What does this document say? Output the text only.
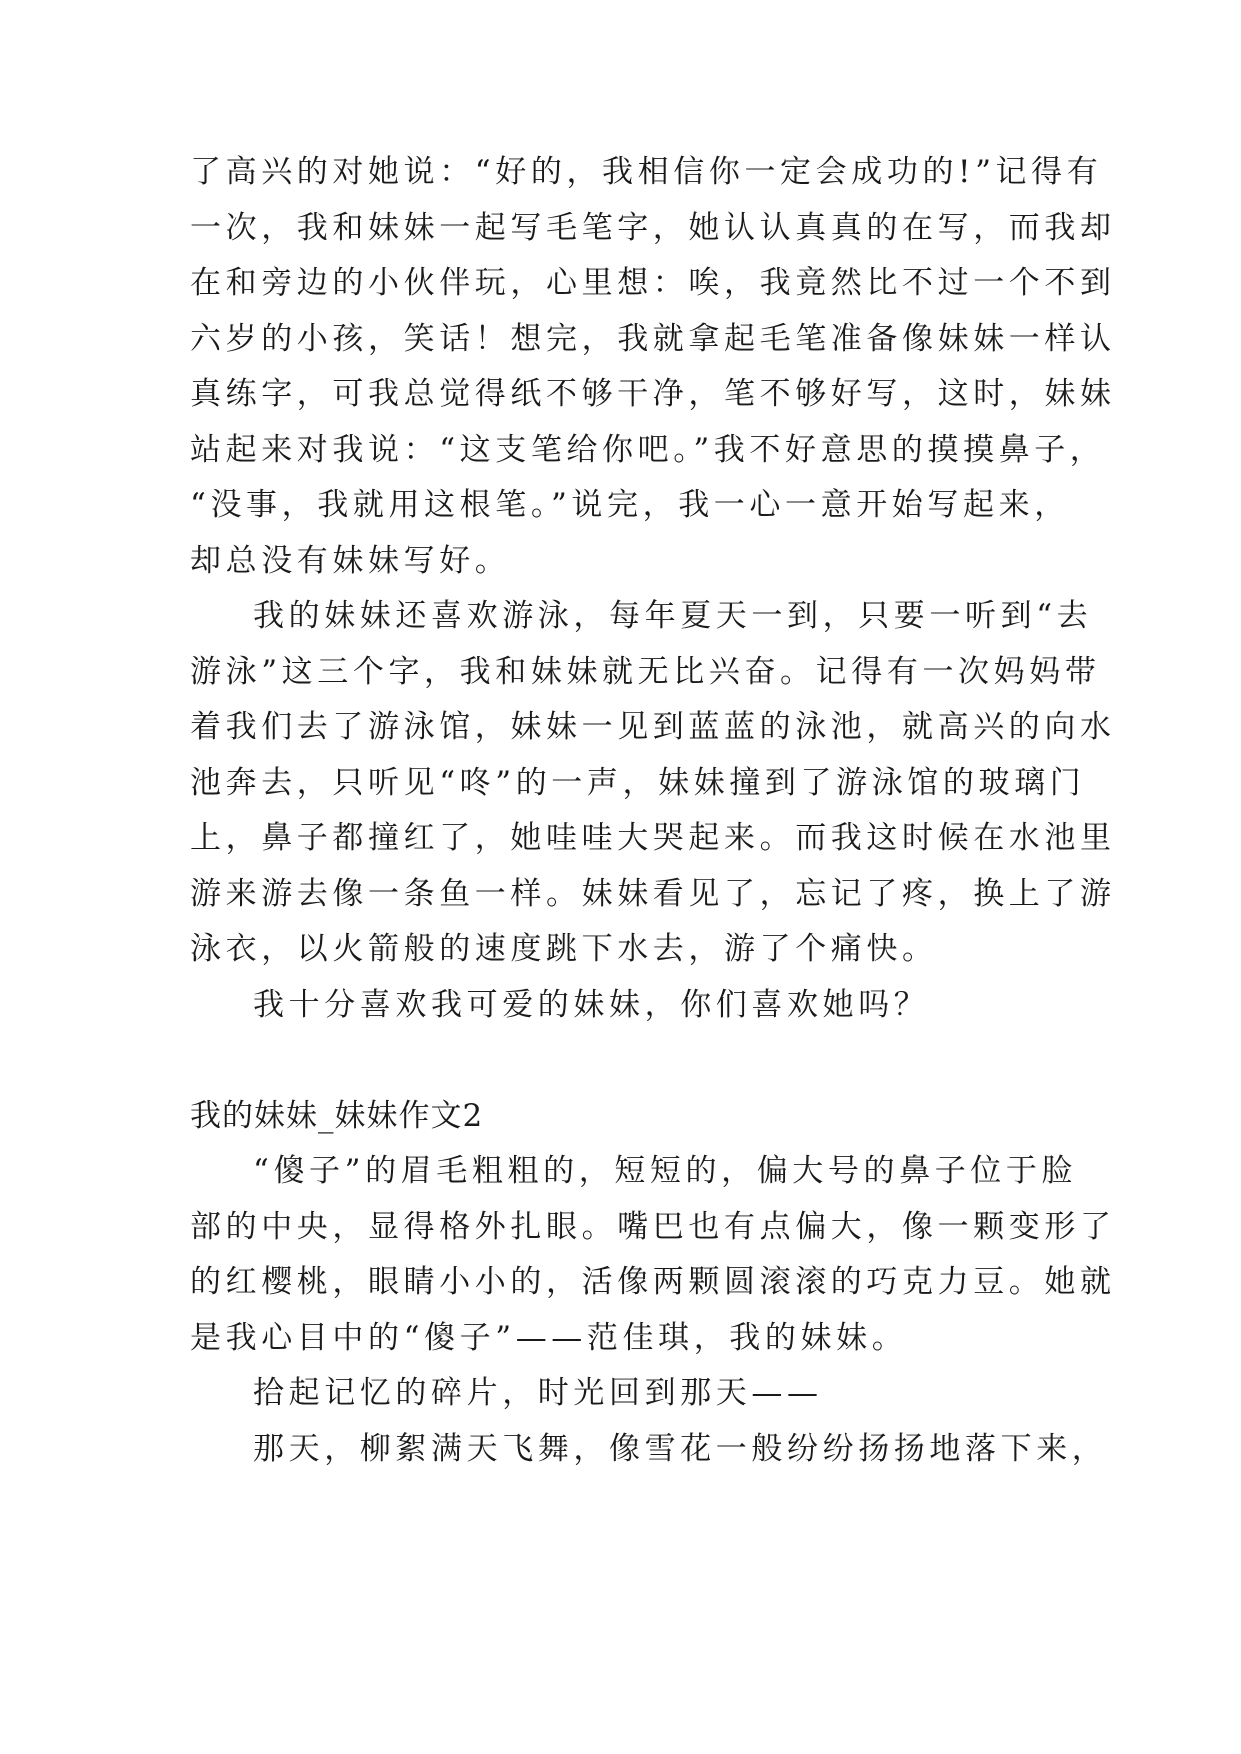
了高兴的对她说：“好的，我相信你一定会成功的!”记得有
一次，我和妹妹一起写毛笔字，她认认真真的在写，而我却
在和旁边的小伙伴玩，心里想：唉，我竟然比不过一个不到
六岁的小孩，笑话！想完，我就拿起毛笔准备像妹妹一样认
真练字，可我总觉得纸不够干净，笔不够好写，这时，妹妹
站起来对我说：“这支笔给你吧。”我不好意思的摸摸鼻子，
“没事，我就用这根笔。”说完，我一心一意开始写起来，
却总没有妹妹写好。
我的妹妹还喜欢游泳，每年夏天一到，只要一听到“去
游泳”这三个字，我和妹妹就无比兴奋。记得有一次妈妈带
着我们去了游泳馆，妹妹一见到蓝蓝的泳池，就高兴的向水
池奔去，只听见“咚”的一声，妹妹撞到了游泳馆的玻璃门
上，鼻子都撞红了，她哇哇大哭起来。而我这时候在水池里
游来游去像一条鱼一样。妹妹看见了，忘记了疼，换上了游
泳衣，以火箭般的速度跳下水去，游了个痛快。
我十分喜欢我可爱的妹妹，你们喜欢她吗？
我的妹妹_妹妹作文2
“傻子”的眉毛粗粗的，短短的，偏大号的鼻子位于脸
部的中央，显得格外扎眼。嘴巴也有点偏大，像一颗变形了
的红樱桃，眼睛小小的，活像两颗圆滚滚的巧克力豆。她就
是我心目中的“傻子”——范佳琪，我的妹妹。
拾起记忆的碎片，时光回到那天——
那天，柳絮满天飞舞，像雪花一般纷纷扬扬地落下来，
